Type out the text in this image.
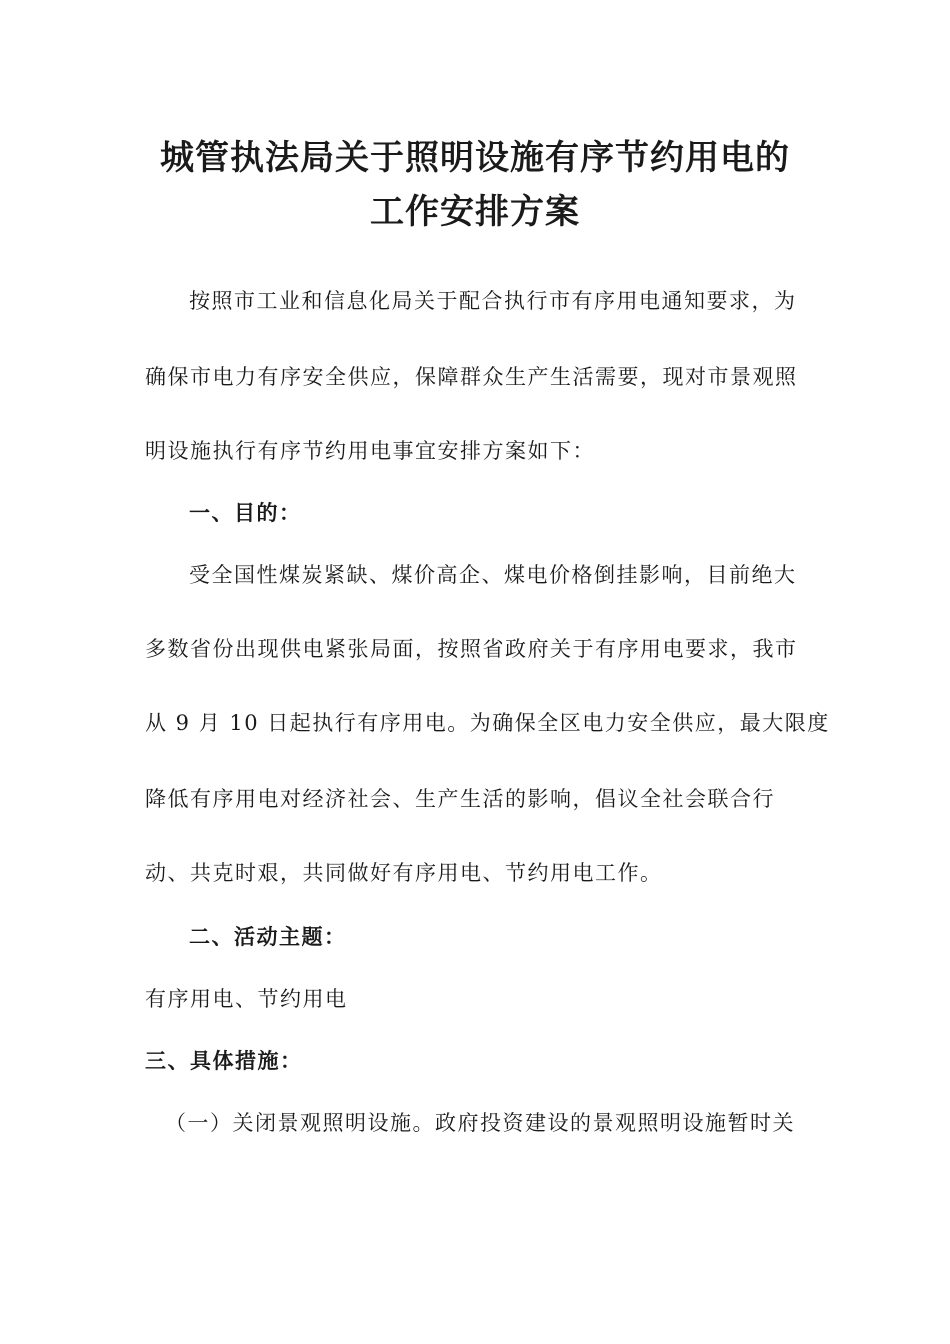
城管执法局关于照明设施有序节约用电的
工作安排方案
按照市工业和信息化局关于配合执行市有序用电通知要求，为
确保市电力有序安全供应，保障群众生产生活需要，现对市景观照
明设施执行有序节约用电事宜安排方案如下：
一、目的：
受全国性煤炭紧缺、煤价高企、煤电价格倒挂影响，目前绝大
多数省份出现供电紧张局面，按照省政府关于有序用电要求，我市
从 9 月 10 日起执行有序用电。为确保全区电力安全供应，最大限度
降低有序用电对经济社会、生产生活的影响，倡议全社会联合行
动、共克时艰，共同做好有序用电、节约用电工作。
二、活动主题：
有序用电、节约用电
三、具体措施：
（一）关闭景观照明设施。政府投资建设的景观照明设施暂时关
